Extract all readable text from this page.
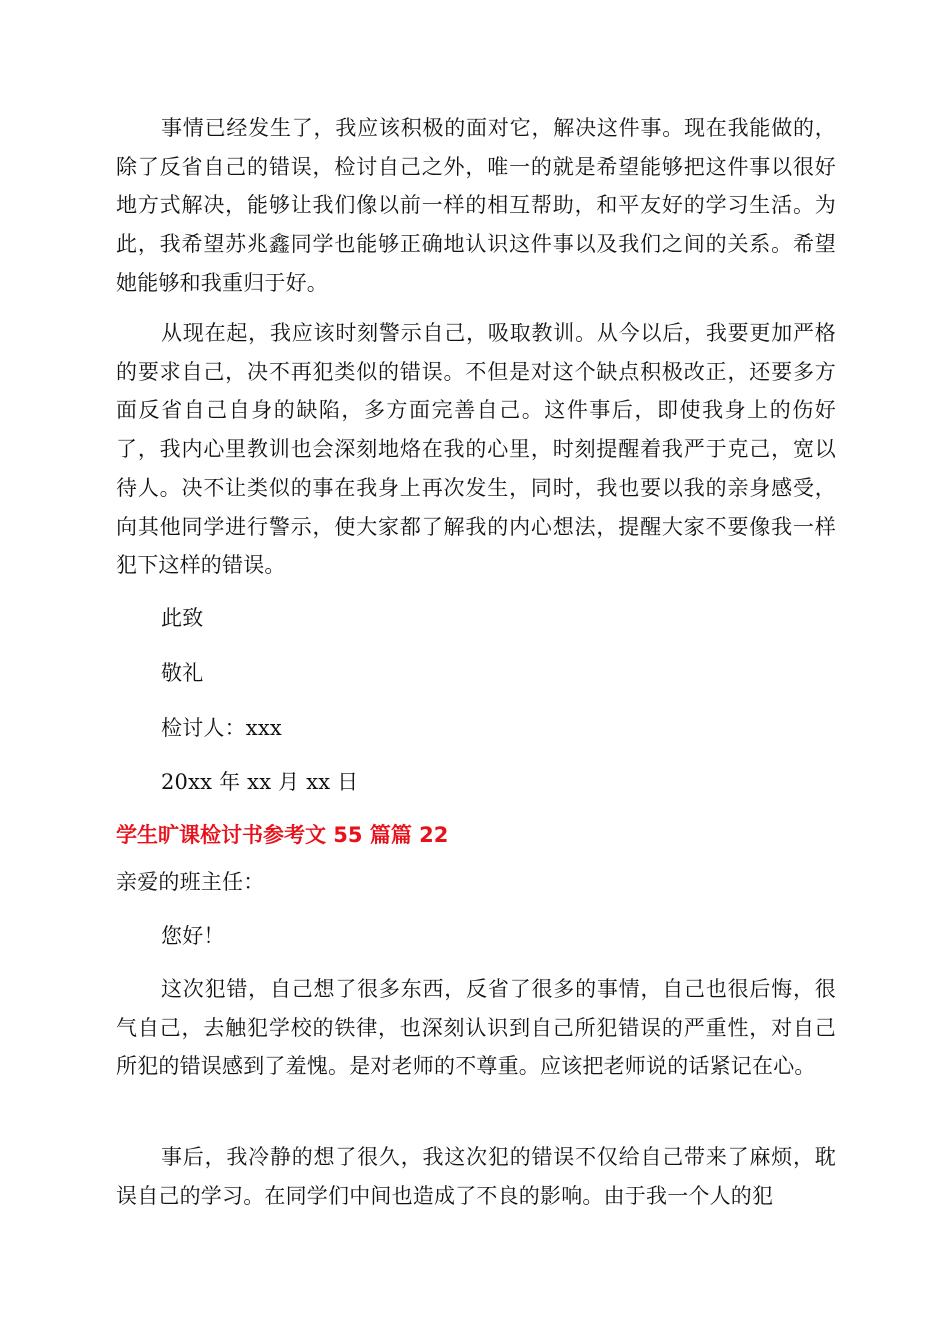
事情已经发生了，我应该积极的面对它，解决这件事。现在我能做的，除了反省自己的错误，检讨自己之外，唯一的就是希望能够把这件事以很好地方式解决，能够让我们像以前一样的相互帮助，和平友好的学习生活。为此，我希望苏兆鑫同学也能够正确地认识这件事以及我们之间的关系。希望她能够和我重归于好。

从现在起，我应该时刻警示自己，吸取教训。从今以后，我要更加严格的要求自己，决不再犯类似的错误。不但是对这个缺点积极改正，还要多方面反省自己自身的缺陷，多方面完善自己。这件事后，即使我身上的伤好了，我内心里教训也会深刻地烙在我的心里，时刻提醒着我严于克己，宽以待人。决不让类似的事在我身上再次发生，同时，我也要以我的亲身感受，向其他同学进行警示，使大家都了解我的内心想法，提醒大家不要像我一样犯下这样的错误。

此致

敬礼

检讨人：xxx

20xx 年 xx 月 xx 日

学生旷课检讨书参考文 55 篇篇 22

亲爱的班主任：

您好！

这次犯错，自己想了很多东西，反省了很多的事情，自己也很后悔，很气自己，去触犯学校的铁律，也深刻认识到自己所犯错误的严重性，对自己所犯的错误感到了羞愧。是对老师的不尊重。应该把老师说的话紧记在心。

事后，我冷静的想了很久，我这次犯的错误不仅给自己带来了麻烦，耽误自己的学习。在同学们中间也造成了不良的影响。由于我一个人的犯
